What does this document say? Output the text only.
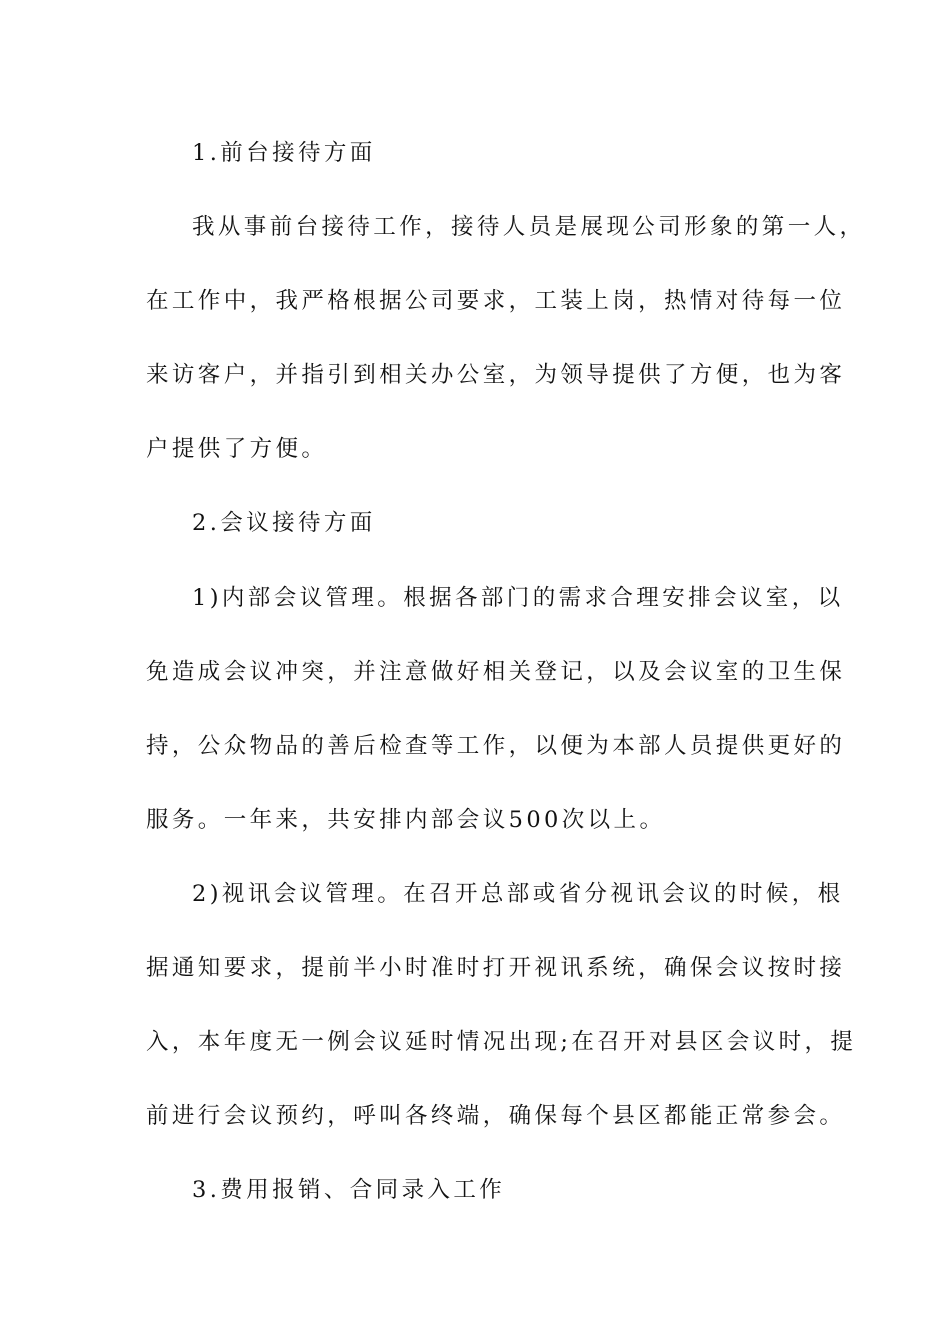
1.前台接待方面
我从事前台接待工作，接待人员是展现公司形象的第一人，
在工作中，我严格根据公司要求，工装上岗，热情对待每一位
来访客户，并指引到相关办公室，为领导提供了方便，也为客
户提供了方便。
2.会议接待方面
1)内部会议管理。根据各部门的需求合理安排会议室，以
免造成会议冲突，并注意做好相关登记，以及会议室的卫生保
持，公众物品的善后检查等工作，以便为本部人员提供更好的
服务。一年来，共安排内部会议500次以上。
2)视讯会议管理。在召开总部或省分视讯会议的时候，根
据通知要求，提前半小时准时打开视讯系统，确保会议按时接
入，本年度无一例会议延时情况出现;在召开对县区会议时，提
前进行会议预约，呼叫各终端，确保每个县区都能正常参会。
3.费用报销、合同录入工作
